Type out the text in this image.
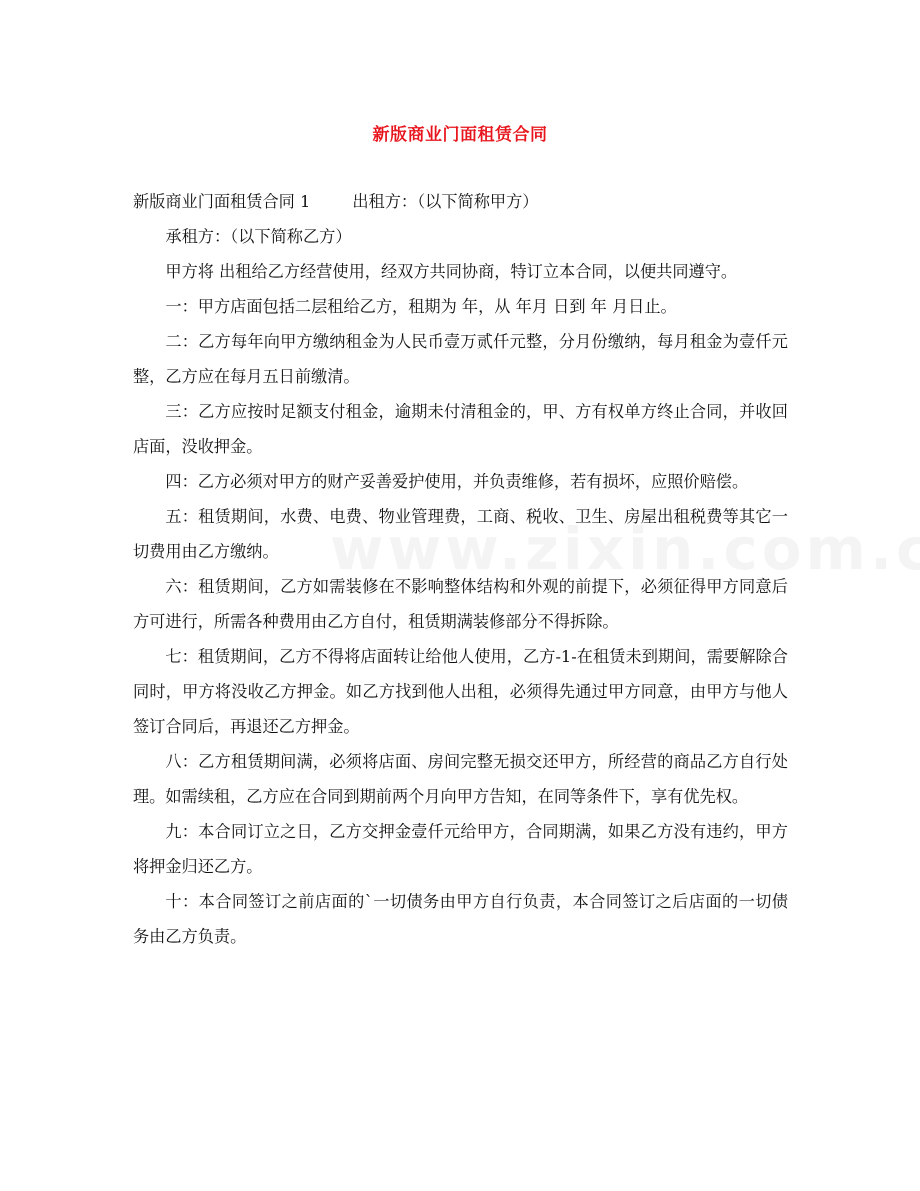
新版商业门面租赁合同

新版商业门面租赁合同 1	出租方：（以下简称甲方）

承租方：（以下简称乙方）

甲方将 出租给乙方经营使用，经双方共同协商，特订立本合同，以便共同遵守。

一：甲方店面包括二层租给乙方，租期为 年，从 年月 日到 年 月日止。

二：乙方每年向甲方缴纳租金为人民币壹万贰仟元整，分月份缴纳，每月租金为壹仟元整，乙方应在每月五日前缴清。

三：乙方应按时足额支付租金，逾期未付清租金的，甲、方有权单方终止合同，并收回店面，没收押金。

四：乙方必须对甲方的财产妥善爱护使用，并负责维修，若有损坏，应照价赔偿。

五：租赁期间，水费、电费、物业管理费，工商、税收、卫生、房屋出租税费等其它一切费用由乙方缴纳。

六：租赁期间，乙方如需装修在不影响整体结构和外观的前提下，必须征得甲方同意后方可进行，所需各种费用由乙方自付，租赁期满装修部分不得拆除。

七：租赁期间，乙方不得将店面转让给他人使用，乙方-1-在租赁未到期间，需要解除合同时，甲方将没收乙方押金。如乙方找到他人出租，必须得先通过甲方同意，由甲方与他人签订合同后，再退还乙方押金。

八：乙方租赁期间满，必须将店面、房间完整无损交还甲方，所经营的商品乙方自行处理。如需续租，乙方应在合同到期前两个月向甲方告知，在同等条件下，享有优先权。

九：本合同订立之日，乙方交押金壹仟元给甲方，合同期满，如果乙方没有违约，甲方将押金归还乙方。

十：本合同签订之前店面的`一切债务由甲方自行负责，本合同签订之后店面的一切债务由乙方负责。
